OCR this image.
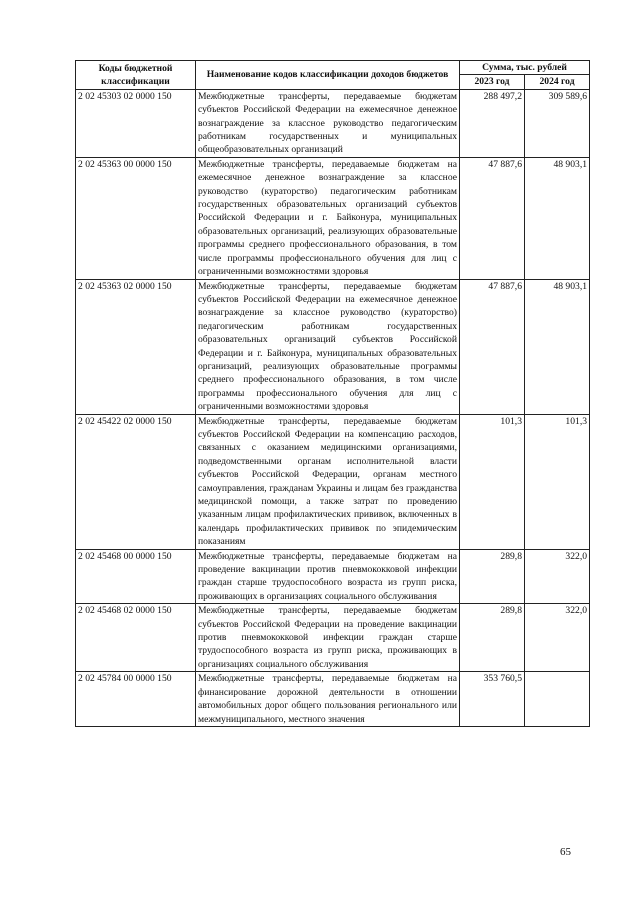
Коды бюджетной классификации	Наименование кодов классификации доходов бюджетов	Сумма, тыс. рублей	
		2023 год	2024 год
2 02 45303 02 0000 150	Межбюджетные трансферты, передаваемые бюджетам субъектов Российской Федерации на ежемесячное денежное вознаграждение за классное руководство педагогическим работникам государственных и муниципальных общеобразовательных организаций	288 497,2	309 589,6
2 02 45363 00 0000 150	Межбюджетные трансферты, передаваемые бюджетам на ежемесячное денежное вознаграждение за классное руководство (кураторство) педагогическим работникам государственных образовательных организаций субъектов Российской Федерации и г. Байконура, муниципальных образовательных организаций, реализующих образовательные программы среднего профессионального образования, в том числе программы профессионального обучения для лиц с ограниченными возможностями здоровья	47 887,6	48 903,1
2 02 45363 02 0000 150	Межбюджетные трансферты, передаваемые бюджетам субъектов Российской Федерации на ежемесячное денежное вознаграждение за классное руководство (кураторство) педагогическим работникам государственных образовательных организаций субъектов Российской Федерации и г. Байконура, муниципальных образовательных организаций, реализующих образовательные программы среднего профессионального образования, в том числе программы профессионального обучения для лиц с ограниченными возможностями здоровья	47 887,6	48 903,1
2 02 45422 02 0000 150	Межбюджетные трансферты, передаваемые бюджетам субъектов Российской Федерации на компенсацию расходов, связанных с оказанием медицинскими организациями, подведомственными органам исполнительной власти субъектов Российской Федерации, органам местного самоуправления, гражданам Украины и лицам без гражданства медицинской помощи, а также затрат по проведению указанным лицам профилактических прививок, включенных в календарь профилактических прививок по эпидемическим показаниям	101,3	101,3
2 02 45468 00 0000 150	Межбюджетные трансферты, передаваемые бюджетам на проведение вакцинации против пневмококковой инфекции граждан старше трудоспособного возраста из групп риска, проживающих в организациях социального обслуживания	289,8	322,0
2 02 45468 02 0000 150	Межбюджетные трансферты, передаваемые бюджетам субъектов Российской Федерации на проведение вакцинации против пневмококковой инфекции граждан старше трудоспособного возраста из групп риска, проживающих в организациях социального обслуживания	289,8	322,0
2 02 45784 00 0000 150	Межбюджетные трансферты, передаваемые бюджетам на финансирование дорожной деятельности в отношении автомобильных дорог общего пользования регионального или межмуниципального, местного значения	353 760,5	
65
